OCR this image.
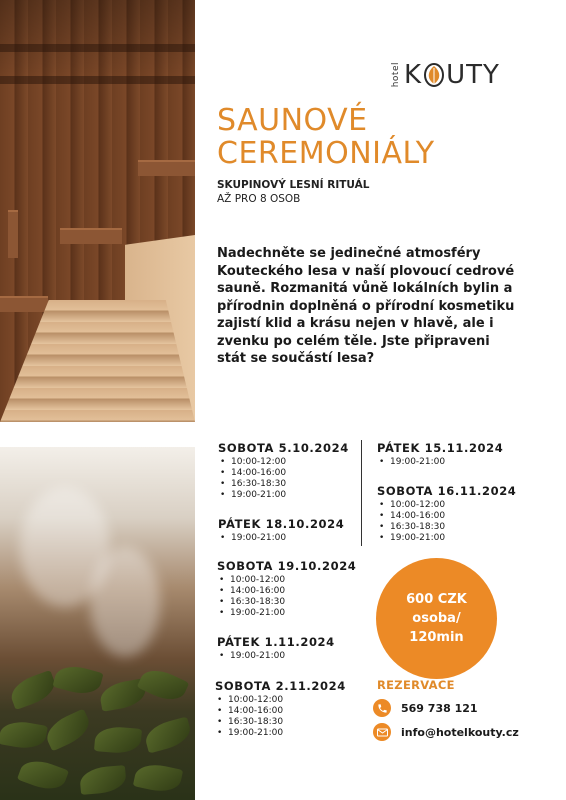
hotel K UTY
SAUNOVÉ
CEREMONIÁLY
SKUPINOVÝ LESNÍ RITUÁL
AŽ PRO 8 OSOB
Nadechněte se jedinečné atmosféry Kouteckého lesa v naší plovoucí cedrové sauně. Rozmanitá vůně lokálních bylin a přírodnin doplněná o přírodní kosmetiku zajistí klid a krásu nejen v hlavě, ale i zvenku po celém těle. Jste připraveni stát se součástí lesa?
SOBOTA 5.10.2024
• 10:00-12:00
• 14:00-16:00
• 16:30-18:30
• 19:00-21:00
PÁTEK 18.10.2024
• 19:00-21:00
SOBOTA 19.10.2024
• 10:00-12:00
• 14:00-16:00
• 16:30-18:30
• 19:00-21:00
PÁTEK 1.11.2024
• 19:00-21:00
SOBOTA 2.11.2024
• 10:00-12:00
• 14:00-16:00
• 16:30-18:30
• 19:00-21:00
PÁTEK 15.11.2024
• 19:00-21:00
SOBOTA 16.11.2024
• 10:00-12:00
• 14:00-16:00
• 16:30-18:30
• 19:00-21:00
600 CZK
osoba/
120min
REZERVACE
569 738 121
info@hotelkouty.cz
